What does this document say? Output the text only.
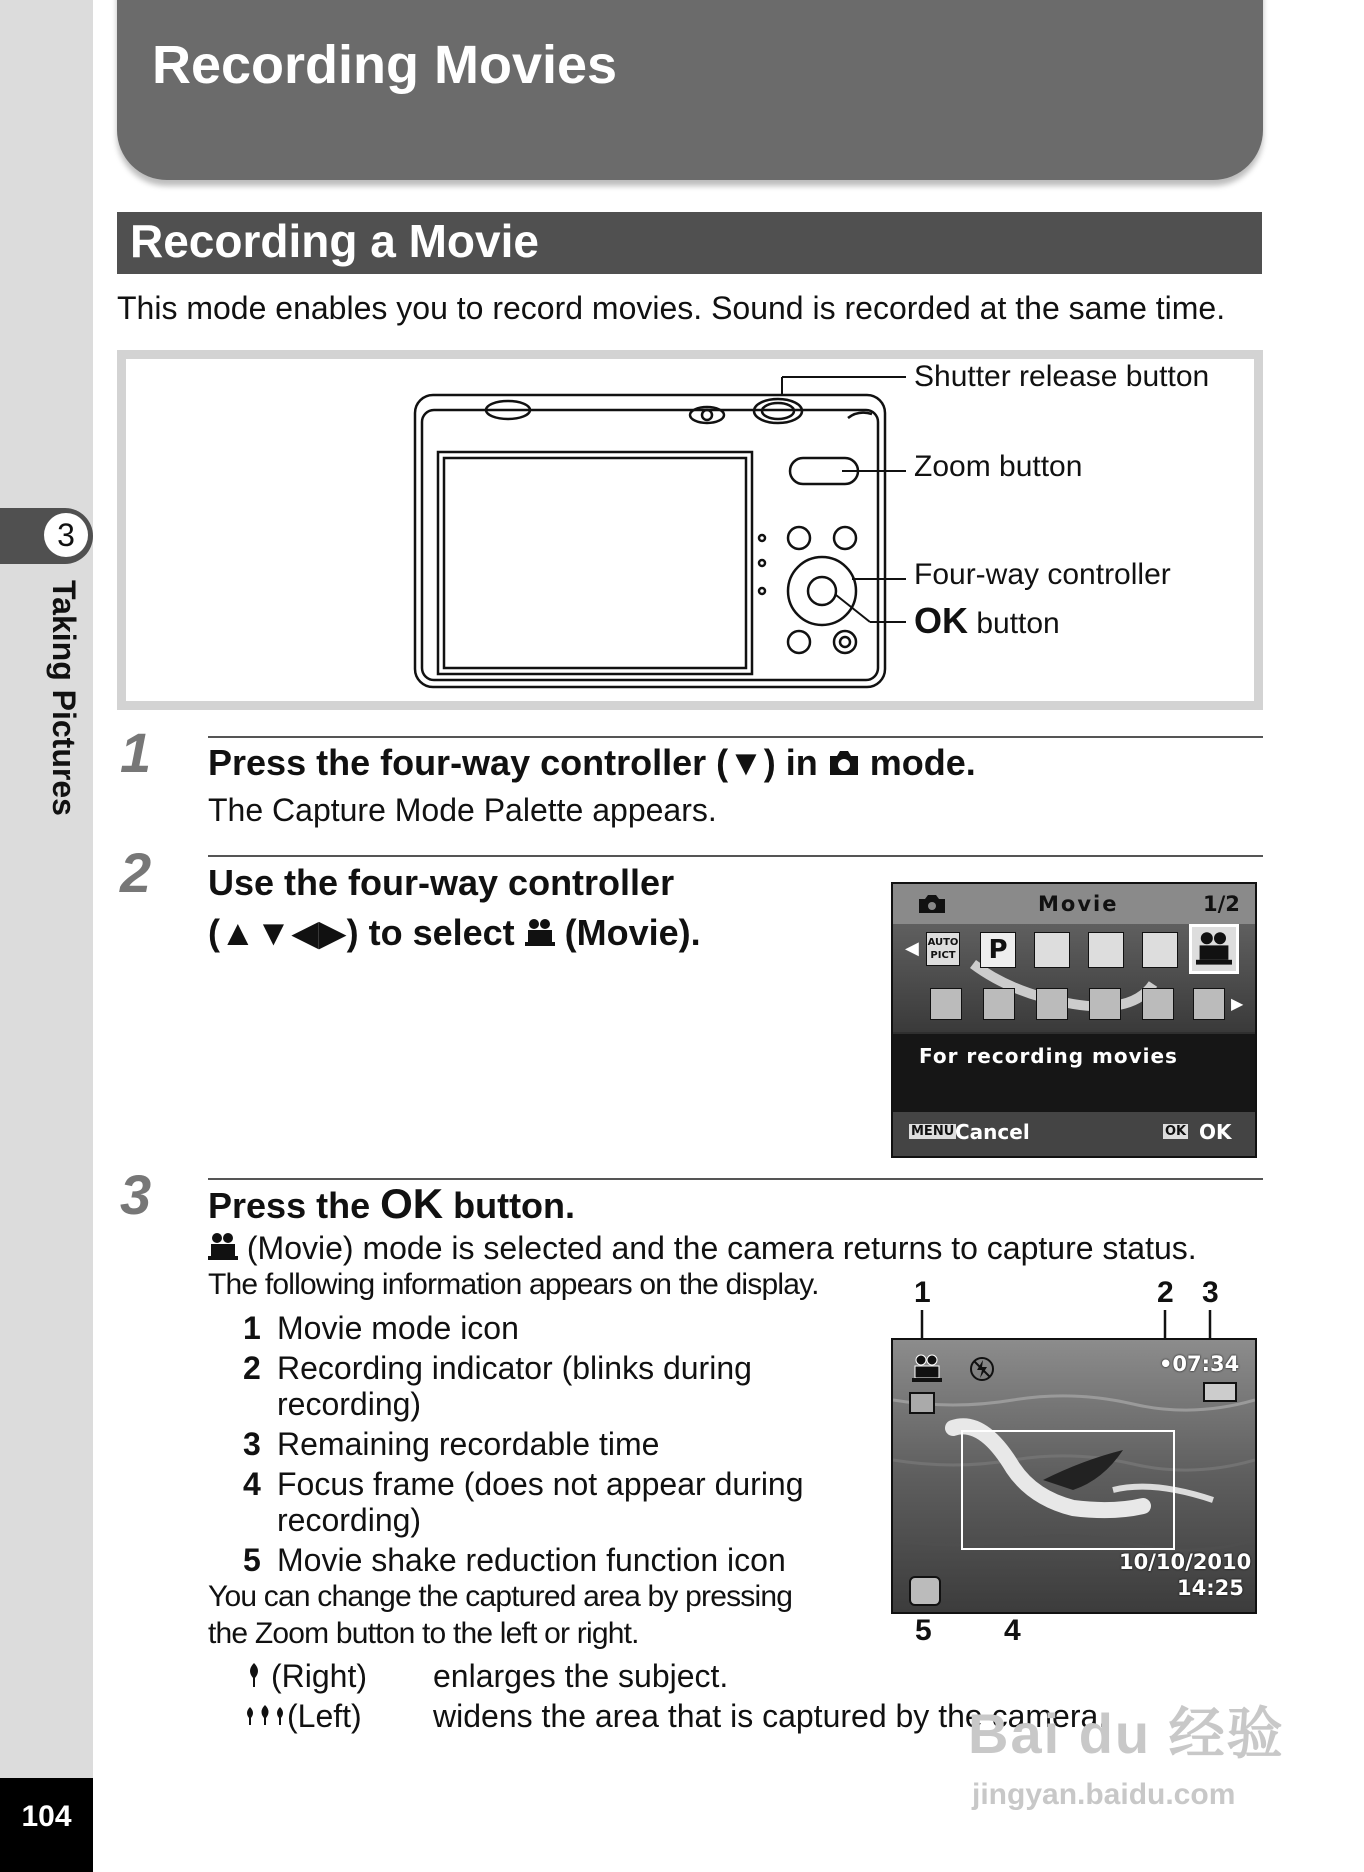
3
Taking Pictures
104
Recording Movies
Recording a Movie
This mode enables you to record movies. Sound is recorded at the same time.
Shutter release button
Zoom button
Four-way controller
OK button
1 Press the four-way controller (▼) in  mode.
The Capture Mode Palette appears.
2 Use the four-way controller
(▲▼◀▶) to select  (Movie).
Movie	1/2
◀ AUTO
PICT	P
▶
For recording movies
MENU Cancel	OK OK
3 Press the OK button.
(Movie) mode is selected and the camera returns to capture status.
The following information appears on the display.
1 Movie mode icon
2 Recording indicator (blinks during
recording)
3 Remaining recordable time
4 Focus frame (does not appear during
recording)
5 Movie shake reduction function icon
1	2 3
5 4
•07:34
10/10/2010
14:25
You can change the captured area by pressing
the Zoom button to the left or right.
(Right) enlarges the subject.
(Left) widens the area that is captured by the camera.
Bai du 经验
jingyan.baidu.com
